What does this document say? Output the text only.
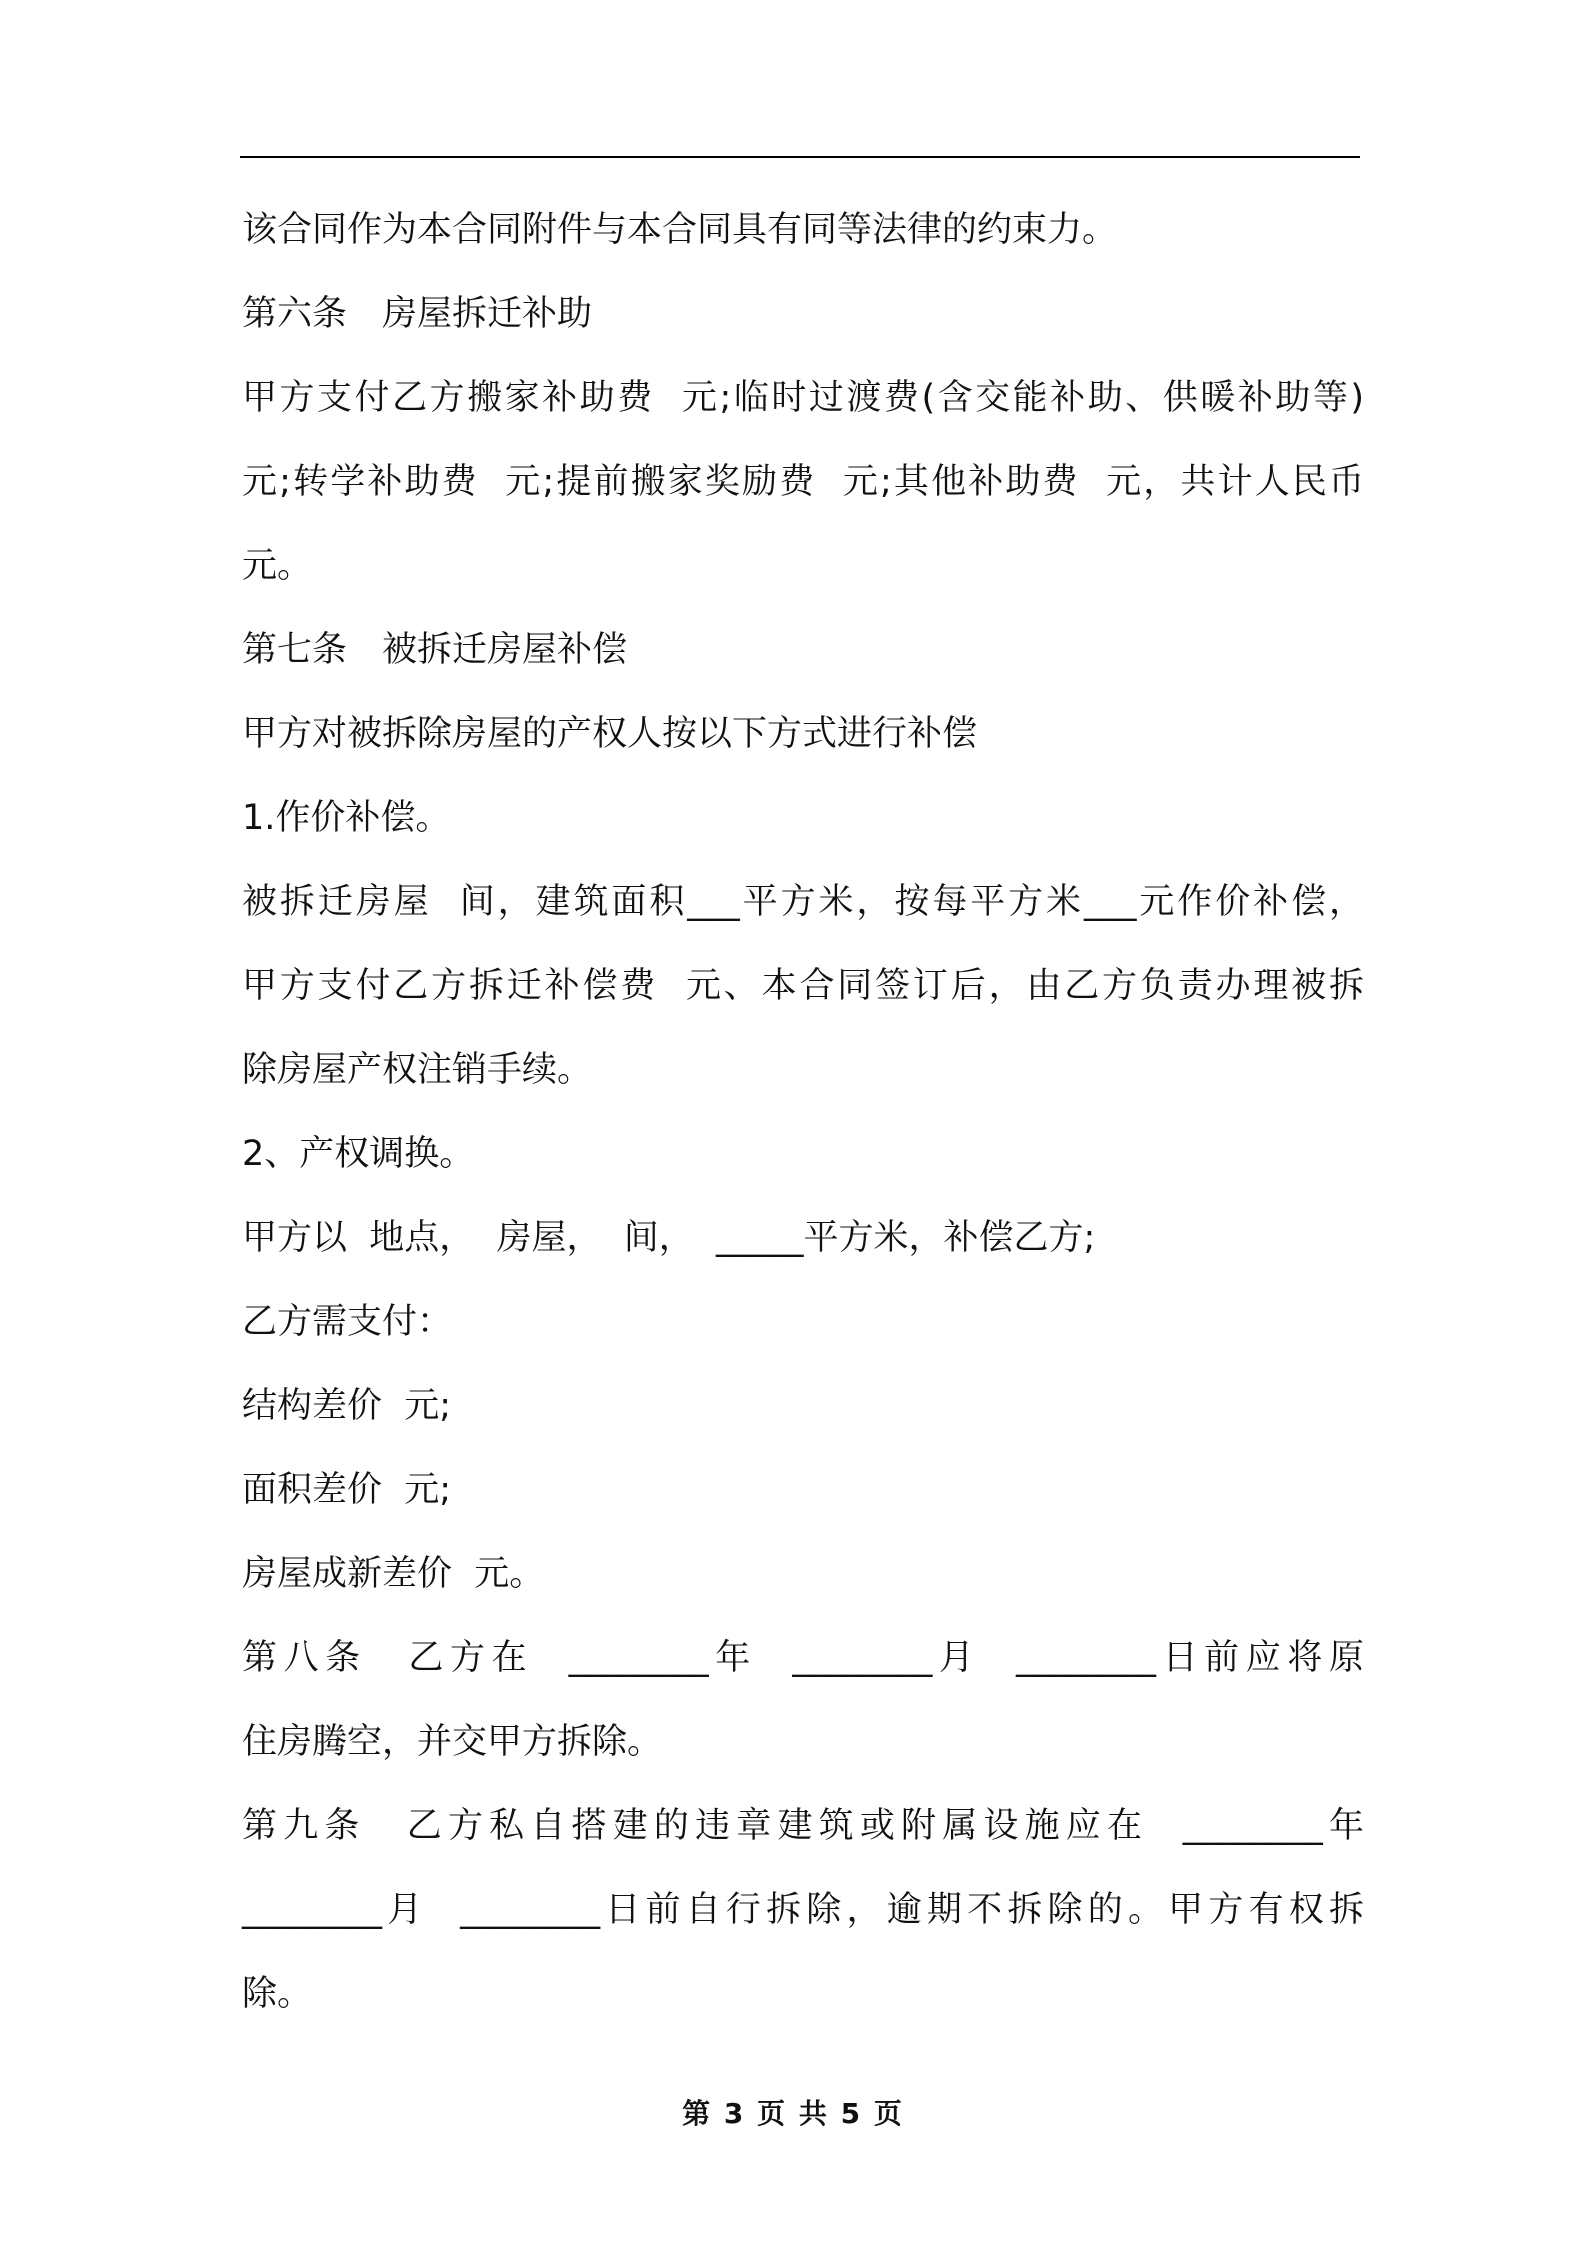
该合同作为本合同附件与本合同具有同等法律的约束力。
第六条　房屋拆迁补助
甲方支付乙方搬家补助费  元;临时过渡费(含交能补助、供暖补助等)
元;转学补助费  元;提前搬家奖励费  元;其他补助费  元，共计人民币
元。
第七条　被拆迁房屋补偿
甲方对被拆除房屋的产权人按以下方式进行补偿
1.作价补偿。
被拆迁房屋  间，建筑面积___平方米，按每平方米___元作价补偿，
甲方支付乙方拆迁补偿费  元、本合同签订后，由乙方负责办理被拆
除房屋产权注销手续。
2、产权调换。
甲方以  地点，  房屋，  间，  _____平方米，补偿乙方;
乙方需支付：
结构差价  元;
面积差价  元;
房屋成新差价  元。
第八条　乙方在  ________年  ________月  ________日前应将原
住房腾空，并交甲方拆除。
第九条　乙方私自搭建的违章建筑或附属设施应在  ________年
________月  ________日前自行拆除，逾期不拆除的。甲方有权拆
除。
第 3 页 共 5 页
